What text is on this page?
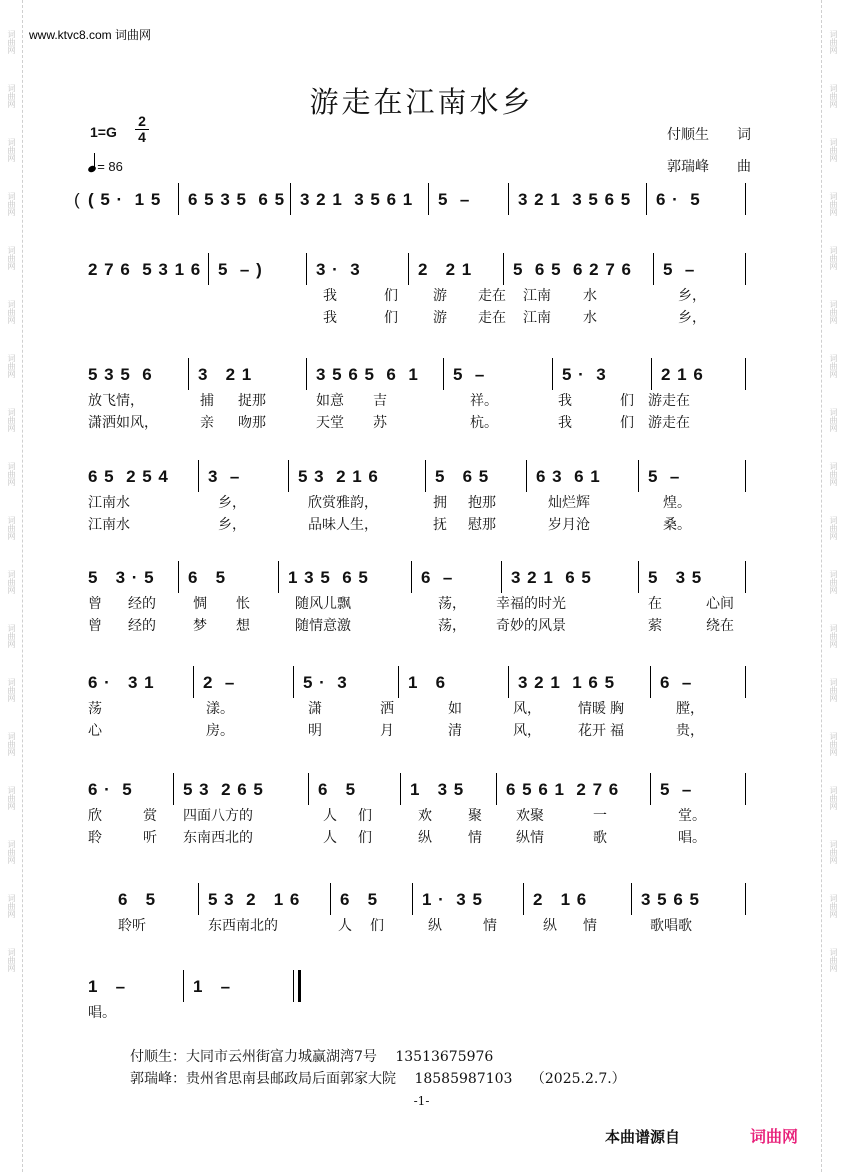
词曲网
词曲网
词曲网
词曲网
词曲网
词曲网
词曲网
词曲网
词曲网
词曲网
词曲网
词曲网
词曲网
词曲网
词曲网
词曲网
词曲网
词曲网
词曲网
词曲网
词曲网
词曲网
词曲网
词曲网
词曲网
词曲网
词曲网
词曲网
词曲网
词曲网
词曲网
词曲网
词曲网
词曲网
词曲网
词曲网
www.ktvc8.com 词曲网
游走在江南水乡
1=G
2
4
= 86
付顺生　　词
郭瑞峰　　曲
( 5 ·  1 5 6 5 3 5  6 5 3 2 1  3 5 6 1 5  –	3 2 1  3 5 6 5 6 ·  5
(
2 7 6  5 3 1 6 5  – )	3 ·  3	2   2 1 5  6 5  6 2 7 6 5  –
我	们	游 走在 江南 水	乡，
我	们	游 走在 江南 水	乡，
5 3 5  6	3   2 1	3 5 6 5  6  1 5  –	5 ·  3	2 1 6
放飞情，	捕 捉那	如意 吉	祥。	我	们 游走在
潇洒如风，	亲 吻那	天堂 苏	杭。	我	们 游走在
6 5  2 5 4 3  –	5 3  2 1 6	5   6 5	6 3  6 1	5  –
江南水	乡，	欣赏雅韵，	拥 抱那	灿烂辉	煌。
江南水	乡，	品味人生，	抚 慰那	岁月沧	桑。
5   3 · 5 6   5	1 3 5  6 5	6  –	3 2 1  6 5	5   3 5
曾 经的	惆 怅	随风儿飘	荡， 幸福的时光	在	心间
曾 经的	梦 想	随情意激	荡， 奇妙的风景	萦	绕在
6 ·   3 1	2  –	5 ·  3	1   6	3 2 1  1 6 5	6  –
荡	漾。	潇	洒	如	风，	情暖 胸	膛，
心	房。	明	月	清	风，	花开 福	贵，
6 ·  5	5 3  2 6 5	6   5	1   3 5 6 5 6 1  2 7 6 5  –
欣	赏 四面八方的	人 们	欢	聚 欢聚	一	堂。
聆	听 东南西北的	人 们	纵	情 纵情	歌	唱。
6   5	5 3  2   1 6 6   5	1 ·  3 5	2   1 6	3 5 6 5
聆听	东西南北的	人 们	纵	情	纵 情	歌唱歌
1   –	1   –
唱。
付顺生：大同市云州街富力城赢湖湾7号　 13513675976
郭瑞峰：贵州省思南县邮政局后面郭家大院　 18585987103　 （2025.2.7.）
-1-
本曲谱源自	词曲网
